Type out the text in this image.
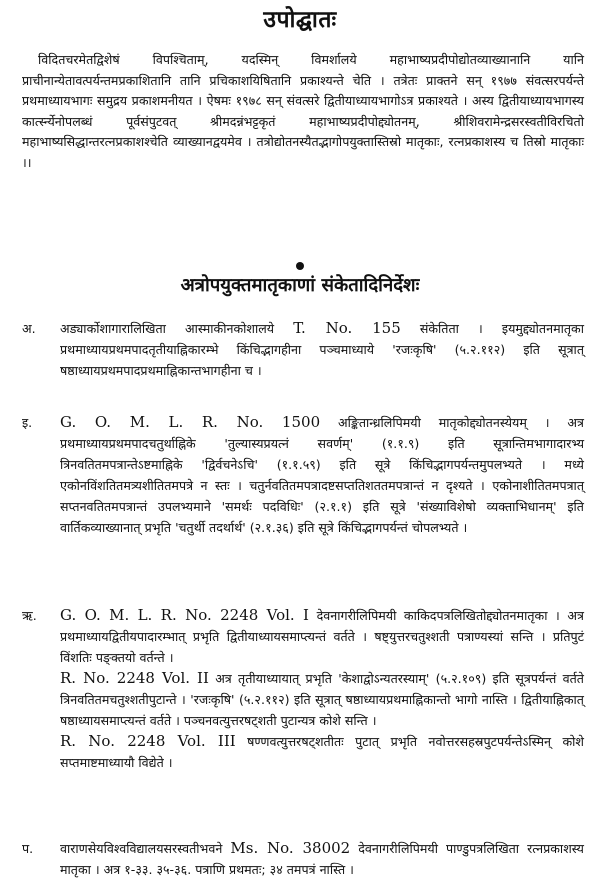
उपोद्घातः
विदितचरमेतद्विशेषं विपश्चिताम्, यदस्मिन् विमर्शालये महाभाष्यप्रदीपोद्योतव्याख्यानानि यानि प्राचीनान्येतावत्पर्यन्तमप्रकाशितानि तानि प्रचिकाशयिषितानि प्रकाश्यन्ते चेति । तत्रेतः प्राक्तने सन् १९७७ संवत्सरपर्यन्ते प्रथमाध्यायभागः समुद्रय प्रकाशमनीयत । ऐषमः १९७८ सन् संवत्सरे द्वितीयाध्यायभागोऽत्र प्रकाश्यते । अस्य द्वितीयाध्यायभागस्य कार्त्स्न्येनोपलब्धं पूर्वसंपुटवत् श्रीमदन्नंभट्टकृतं महाभाष्यप्रदीपोद्द्योतनम्, श्रीशिवरामेन्द्रसरस्वतीविरचितो महाभाष्यसिद्धान्तरत्नप्रकाशश्चेति व्याख्यानद्वयमेव । तत्रोद्योतनस्यैतद्भागोपयुक्तास्तिस्रो मातृकाः, रत्नप्रकाशस्य च तिस्रो मातृकाः ।।
अत्रोपयुक्तमातृकाणां संकेतादिनिर्देशः
अ.	अड्यार्कोशागारालिखिता आस्माकीनकोशालये T. No. 155 संकेतिता । इयमुद्द्योतनमातृका प्रथमाध्यायप्रथमपादतृतीयाह्निकारम्भे किंचिद्भागहीना पञ्चमाध्याये 'रजःकृषि' (५.२.११२) इति सूत्रात् षष्ठाध्यायप्रथमपादप्रथमाह्निकान्तभागहीना च ।
इ.	G. O. M. L. R. No. 1500 अङ्कितान्ध्रलिपिमयी मातृकोद्द्योतनस्येयम् । अत्र प्रथमाध्यायप्रथमपादचतुर्थाह्निके 'तुल्यास्यप्रयत्नं सवर्णम्' (१.१.९) इति सूत्रान्तिमभागादारभ्य त्रिनवतितमपत्रान्तेऽष्टमाह्निके 'द्विर्वचनेऽचि' (१.१.५९) इति सूत्रे किंचिद्भागपर्यन्तमुपलभ्यते । मध्ये एकोनविंशतितमत्र्यशीतितमपत्रे न स्तः । चतुर्नवतितमपत्रादष्टसप्ततिशततमपत्रान्तं न दृश्यते । एकोनाशीतितमपत्रात् सप्तनवतितमपत्रान्तं उपलभ्यमाने 'समर्थः पदविधिः' (२.१.१) इति सूत्रे 'संख्याविशेषो व्यक्ताभिधानम्' इति वार्तिकव्याख्यानात् प्रभृति 'चतुर्थी तदर्थार्थ' (२.१.३६) इति सूत्रे किंचिद्भागपर्यन्तं चोपलभ्यते ।
ऋ.	G. O. M. L. R. No. 2248 Vol. I देवनागरीलिपिमयी काकिदपत्रलिखितोद्द्योतनमातृका । अत्र प्रथमाध्यायद्वितीयपादारम्भात् प्रभृति द्वितीयाध्यायसमाप्त्यन्तं वर्तते । षष्ट्युत्तरचतुश्शती पत्राण्यस्यां सन्ति । प्रतिपुटं विंशतिः पङ्क्तयो वर्तन्ते ।
R. No. 2248 Vol. II अत्र तृतीयाध्यायात् प्रभृति 'केशाद्वोऽन्यतरस्याम्' (५.२.१०९) इति सूत्रपर्यन्तं वर्तते त्रिनवतितमचतुश्शतीपुटान्ते । 'रजःकृषि' (५.२.११२) इति सूत्रात् षष्ठाध्यायप्रथमाह्निकान्तो भागो नास्ति । द्वितीयाह्निकात् षष्ठाध्यायसमाप्त्यन्तं वर्तते । पञ्चनवत्युत्तरषट्शती पुटान्यत्र कोशे सन्ति ।
R. No. 2248 Vol. III षण्णवत्युत्तरषट्शतीतः पुटात् प्रभृति नवोत्तरसहस्रपुटपर्यन्तेऽस्मिन् कोशे सप्तमाष्टमाध्यायौ विद्येते ।
प.	वाराणसेयविश्वविद्यालयसरस्वतीभवने Ms. No. 38002 देवनागरीलिपिमयी पाण्डुपत्रलिखिता रत्नप्रकाशस्य मातृका । अत्र १-३३. ३५-३६. पत्राणि प्रथमतः; ३४ तमपत्रं नास्ति ।
